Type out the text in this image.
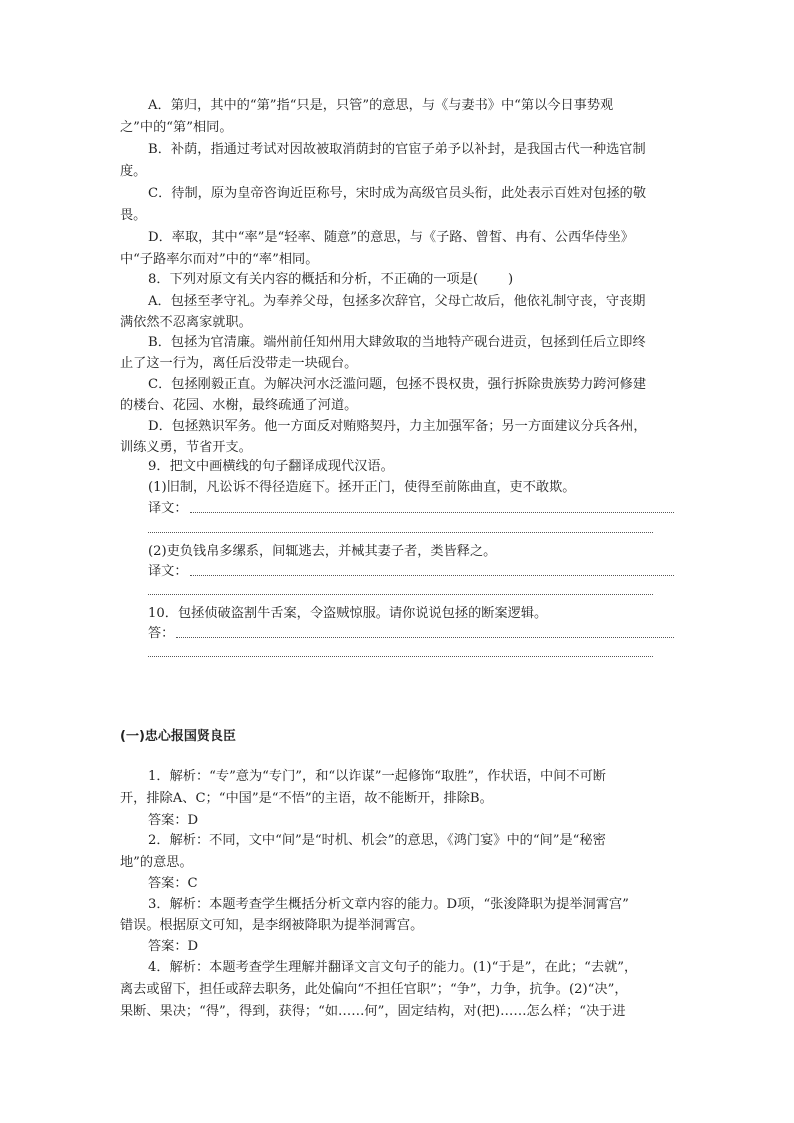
A．第归，其中的“第”指“只是，只管”的意思，与《与妻书》中“第以今日事势观
之”中的“第”相同。
B．补荫，指通过考试对因故被取消荫封的官宦子弟予以补封，是我国古代一种选官制
度。
C．待制，原为皇帝咨询近臣称号，宋时成为高级官员头衔，此处表示百姓对包拯的敬
畏。
D．率取，其中“率”是“轻率、随意”的意思，与《子路、曾皙、冉有、公西华侍坐》
中“子路率尔而对”中的“率”相同。
8．下列对原文有关内容的概括和分析，不正确的一项是( )
A．包拯至孝守礼。为奉养父母，包拯多次辞官，父母亡故后，他依礼制守丧，守丧期
满依然不忍离家就职。
B．包拯为官清廉。端州前任知州用大肆敛取的当地特产砚台进贡，包拯到任后立即终
止了这一行为，离任后没带走一块砚台。
C．包拯刚毅正直。为解决河水泛滥问题，包拯不畏权贵，强行拆除贵族势力跨河修建
的楼台、花园、水榭，最终疏通了河道。
D．包拯熟识军务。他一方面反对贿赂契丹，力主加强军备；另一方面建议分兵各州，
训练义勇，节省开支。
9．把文中画横线的句子翻译成现代汉语。
(1)旧制，凡讼诉不得径造庭下。拯开正门，使得至前陈曲直，吏不敢欺。
译文：
(2)吏负钱帛多缧系，间辄逃去，并械其妻子者，类皆释之。
译文：
10．包拯侦破盗割牛舌案，令盗贼惊服。请你说说包拯的断案逻辑。
答：
(一)忠心报国贤良臣
1．解析：“专”意为“专门”，和“以诈谋”一起修饰“取胜”，作状语，中间不可断
开，排除A、C；“中国”是“不悟”的主语，故不能断开，排除B。
答案：D
2．解析：不同，文中“间”是“时机、机会”的意思，《鸿门宴》中的“间”是“秘密
地”的意思。
答案：C
3．解析：本题考查学生概括分析文章内容的能力。D项，“张浚降职为提举洞霄宫”
错误。根据原文可知，是李纲被降职为提举洞霄宫。
答案：D
4．解析：本题考查学生理解并翻译文言文句子的能力。(1)“于是”，在此；“去就”，
离去或留下，担任或辞去职务，此处偏向“不担任官职”；“争”，力争，抗争。(2)“决”，
果断、果决；“得”，得到，获得；“如……何”，固定结构，对(把)……怎么样；“决于进
